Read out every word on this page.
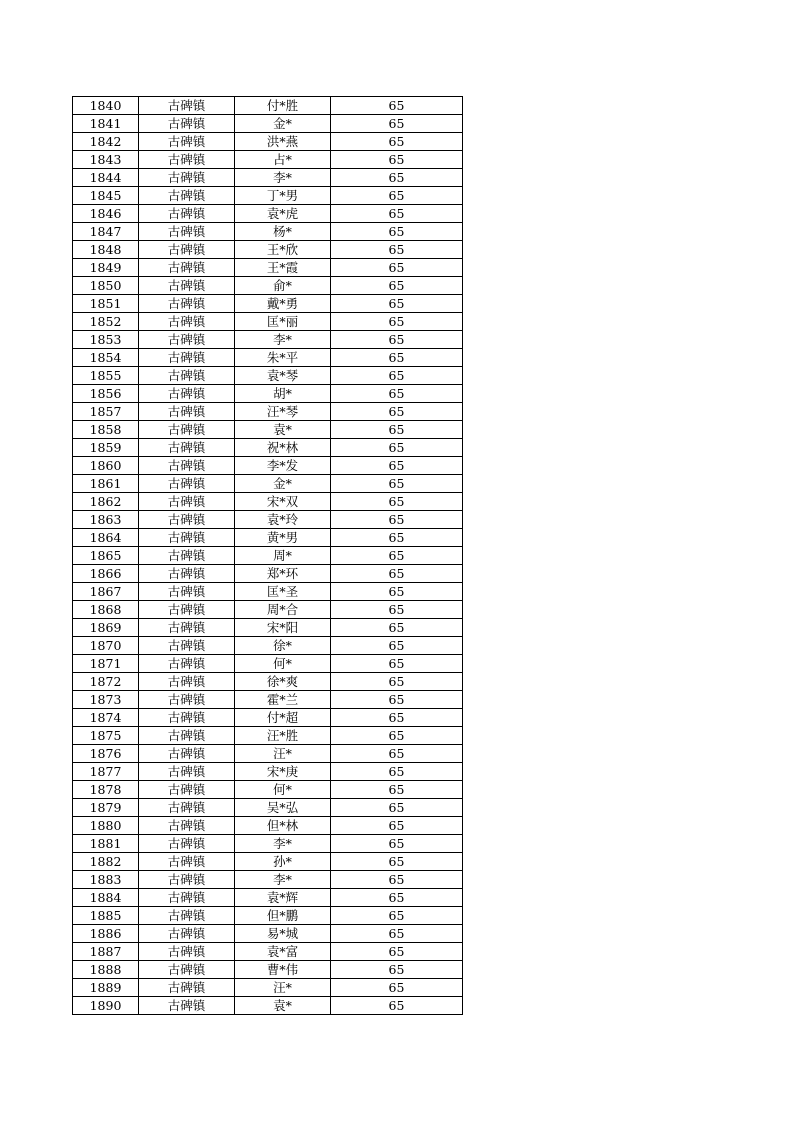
1840	古碑镇	付*胜	65
1841	古碑镇	金*	65
1842	古碑镇	洪*燕	65
1843	古碑镇	占*	65
1844	古碑镇	李*	65
1845	古碑镇	丁*男	65
1846	古碑镇	袁*虎	65
1847	古碑镇	杨*	65
1848	古碑镇	王*欣	65
1849	古碑镇	王*霞	65
1850	古碑镇	俞*	65
1851	古碑镇	戴*勇	65
1852	古碑镇	匡*丽	65
1853	古碑镇	李*	65
1854	古碑镇	朱*平	65
1855	古碑镇	袁*琴	65
1856	古碑镇	胡*	65
1857	古碑镇	汪*琴	65
1858	古碑镇	袁*	65
1859	古碑镇	祝*林	65
1860	古碑镇	李*发	65
1861	古碑镇	金*	65
1862	古碑镇	宋*双	65
1863	古碑镇	袁*玲	65
1864	古碑镇	黄*男	65
1865	古碑镇	周*	65
1866	古碑镇	郑*环	65
1867	古碑镇	匡*圣	65
1868	古碑镇	周*合	65
1869	古碑镇	宋*阳	65
1870	古碑镇	徐*	65
1871	古碑镇	何*	65
1872	古碑镇	徐*爽	65
1873	古碑镇	霍*兰	65
1874	古碑镇	付*超	65
1875	古碑镇	汪*胜	65
1876	古碑镇	汪*	65
1877	古碑镇	宋*庚	65
1878	古碑镇	何*	65
1879	古碑镇	吴*弘	65
1880	古碑镇	但*林	65
1881	古碑镇	李*	65
1882	古碑镇	孙*	65
1883	古碑镇	李*	65
1884	古碑镇	袁*辉	65
1885	古碑镇	但*鹏	65
1886	古碑镇	易*城	65
1887	古碑镇	袁*富	65
1888	古碑镇	曹*伟	65
1889	古碑镇	汪*	65
1890	古碑镇	袁*	65
